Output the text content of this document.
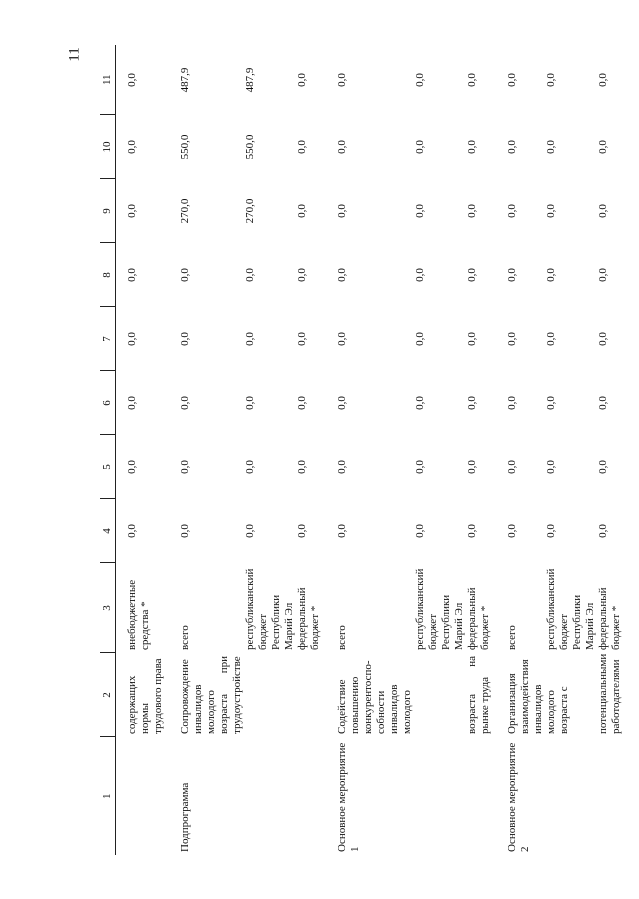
11
1	2	3	4	5	6	7	8	9	10	11

	содержащих нормы трудового права	внебюджетные средства *	0,0	0,0	0,0	0,0	0,0	0,0	0,0	0,0

Подпрограмма	Сопровождение инвалидов молодого возраста при трудоустройстве	всего	0,0	0,0	0,0	0,0	0,0	270,0	550,0	487,9
		республиканский бюджет Республики Марий Эл	0,0	0,0	0,0	0,0	0,0	270,0	550,0	487,9
		федеральный бюджет *	0,0	0,0	0,0	0,0	0,0	0,0	0,0	0,0

Основное мероприятие 1	Содействие повышению конкурентоспо-собности инвалидов молодого	всего	0,0	0,0	0,0	0,0	0,0	0,0	0,0	0,0
		республиканский бюджет Республики Марий Эл	0,0	0,0	0,0	0,0	0,0	0,0	0,0	0,0
	возраста на рынке труда	федеральный бюджет *	0,0	0,0	0,0	0,0	0,0	0,0	0,0	0,0

Основное мероприятие 2	Организация взаимодействия инвалидов	всего	0,0	0,0	0,0	0,0	0,0	0,0	0,0	0,0
	молодого возраста с	республиканский бюджет Республики Марий Эл	0,0	0,0	0,0	0,0	0,0	0,0	0,0	0,0
	потенциальными работодателями	федеральный бюджет *	0,0	0,0	0,0	0,0	0,0	0,0	0,0	0,0
